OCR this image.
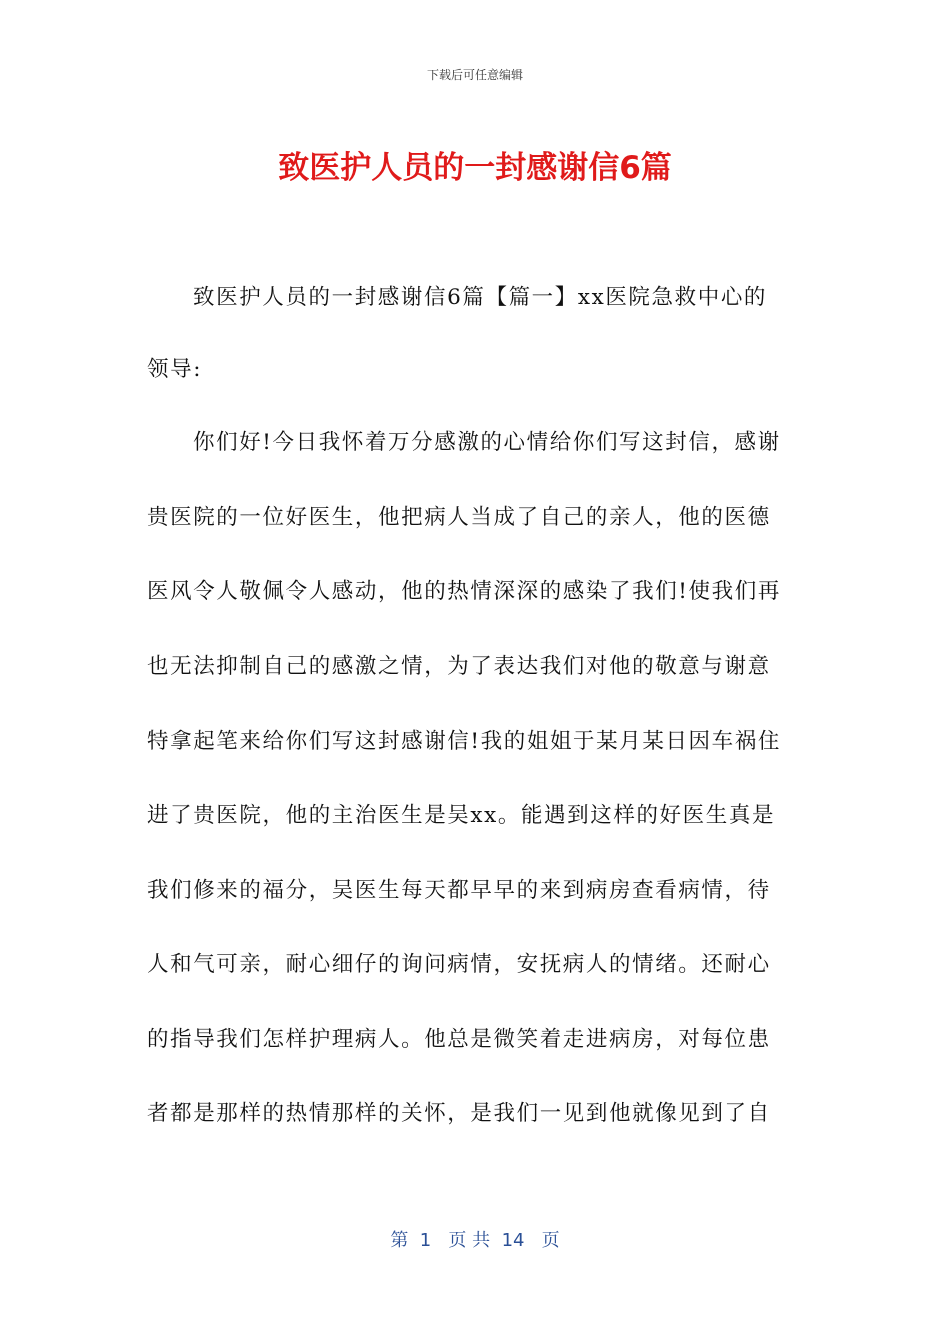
下载后可任意编辑
致医护人员的一封感谢信6篇
致医护人员的一封感谢信6篇【篇一】xx医院急救中心的
领导:
你们好!今日我怀着万分感激的心情给你们写这封信，感谢
贵医院的一位好医生，他把病人当成了自己的亲人，他的医德
医风令人敬佩令人感动，他的热情深深的感染了我们!使我们再
也无法抑制自己的感激之情，为了表达我们对他的敬意与谢意
特拿起笔来给你们写这封感谢信!我的姐姐于某月某日因车祸住
进了贵医院，他的主治医生是吴xx。能遇到这样的好医生真是
我们修来的福分，吴医生每天都早早的来到病房查看病情，待
人和气可亲，耐心细仔的询问病情，安抚病人的情绪。还耐心
的指导我们怎样护理病人。他总是微笑着走进病房，对每位患
者都是那样的热情那样的关怀，是我们一见到他就像见到了自
第  1   页 共  14   页
